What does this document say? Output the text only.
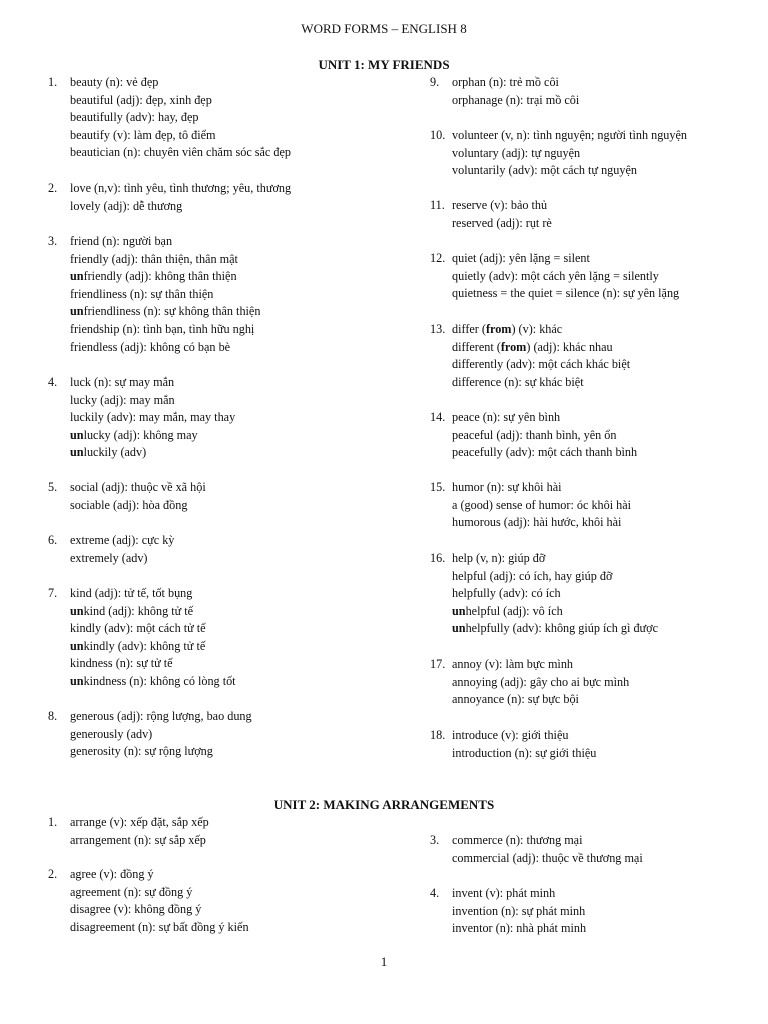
WORD FORMS – ENGLISH 8
UNIT 1: MY FRIENDS
UNIT 2: MAKING ARRANGEMENTS
1. beauty (n): vẻ đẹp
beautiful (adj): đẹp, xinh đẹp
beautifully (adv): hay, đẹp
beautify (v): làm đẹp, tô điểm
beautician (n): chuyên viên chăm sóc sắc đẹp
2. love (n,v): tình yêu, tình thương; yêu, thương
lovely (adj): dễ thương
3. friend (n): người bạn
friendly (adj): thân thiện, thân mật
unfriendly (adj): không thân thiện
friendliness (n): sự thân thiện
unfriendliness (n): sự không thân thiện
friendship (n): tình bạn, tình hữu nghị
friendless (adj): không có bạn bè
4. luck (n): sự may mắn
lucky (adj): may mắn
luckily (adv): may mắn, may thay
unlucky (adj): không may
unluckily (adv)
5. social (adj): thuộc về xã hội
sociable (adj): hòa đồng
6. extreme (adj): cực kỳ
extremely (adv)
7. kind (adj): tử tế, tốt bụng
unkind (adj): không tử tế
kindly (adv): một cách tử tế
unkindly (adv): không tử tế
kindness (n): sự tử tế
unkindness (n): không có lòng tốt
8. generous (adj): rộng lượng, bao dung
generously (adv)
generosity (n): sự rộng lượng
9. orphan (n): trẻ mồ côi
orphanage (n): trại mồ côi
10. volunteer (v, n): tình nguyện; người tình nguyện
voluntary (adj): tự nguyện
voluntarily (adv): một cách tự nguyện
11. reserve (v): bảo thủ
reserved (adj): rụt rè
12. quiet (adj): yên lặng = silent
quietly (adv): một cách yên lặng = silently
quietness = the quiet = silence (n): sự yên lặng
13. differ (from) (v): khác
different (from) (adj): khác nhau
differently (adv): một cách khác biệt
difference (n): sự khác biệt
14. peace (n): sự yên bình
peaceful (adj): thanh bình, yên ổn
peacefully (adv): một cách thanh bình
15. humor (n): sự khôi hài
a (good) sense of humor: óc khôi hài
humorous (adj): hài hước, khôi hài
16. help (v, n): giúp đỡ
helpful (adj): có ích, hay giúp đỡ
helpfully (adv): có ích
unhelpful (adj): vô ích
unhelpfully (adv): không giúp ích gì được
17. annoy (v): làm bực mình
annoying (adj): gây cho ai bực mình
annoyance (n): sự bực bội
18. introduce (v): giới thiệu
introduction (n): sự giới thiệu
1. arrange (v): xếp đặt, sắp xếp
arrangement (n): sự sắp xếp
2. agree (v): đồng ý
agreement (n): sự đồng ý
disagree (v): không đồng ý
disagreement (n): sự bất đồng ý kiến
3. commerce (n): thương mại
commercial (adj): thuộc về thương mại
4. invent (v): phát minh
invention (n): sự phát minh
inventor (n): nhà phát minh
1
